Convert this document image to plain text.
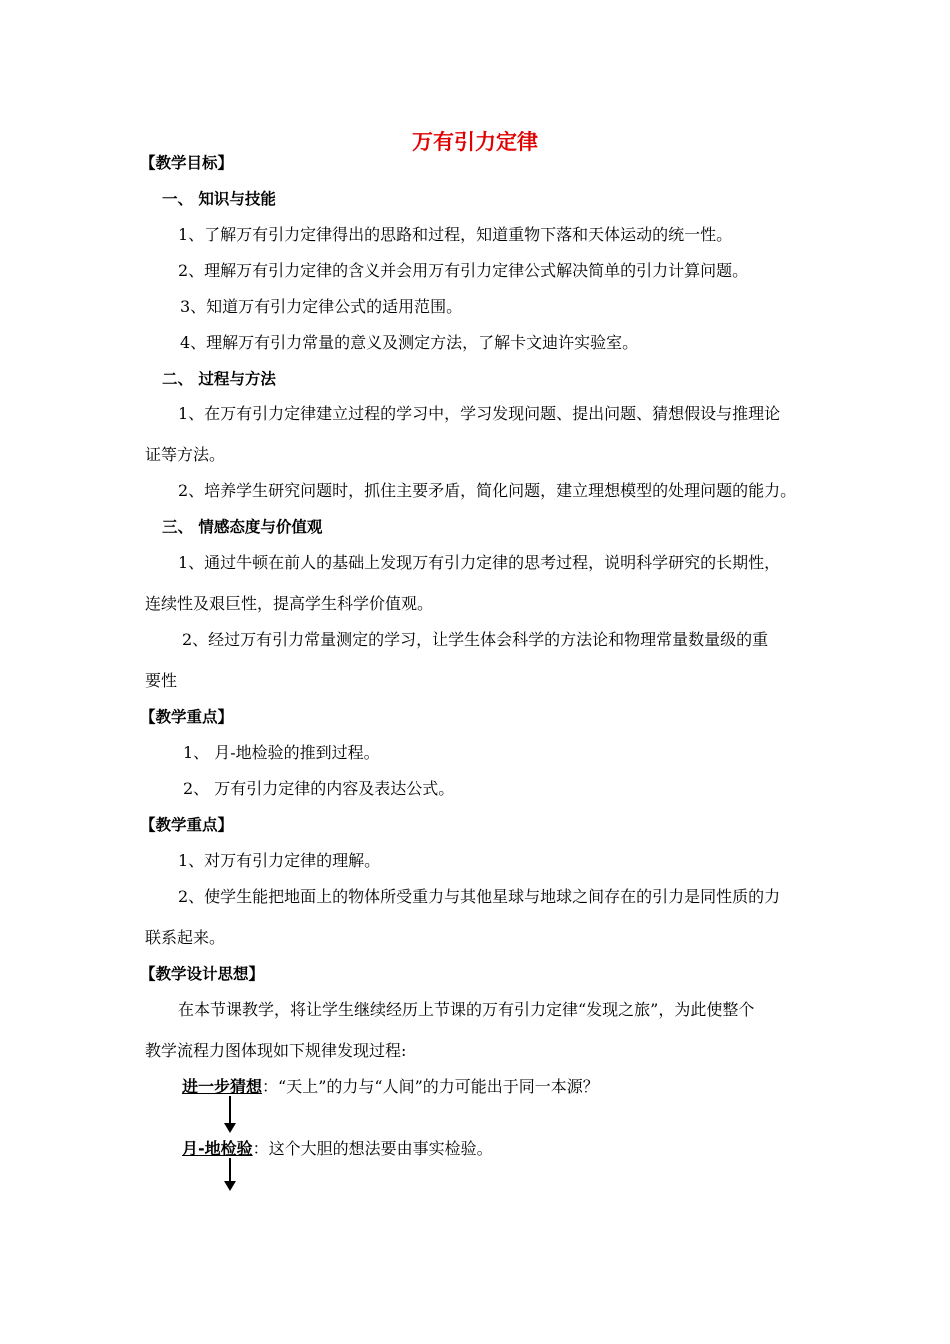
万有引力定律
【教学目标】
一、 知识与技能
1、了解万有引力定律得出的思路和过程，知道重物下落和天体运动的统一性。
2、理解万有引力定律的含义并会用万有引力定律公式解决简单的引力计算问题。
3、知道万有引力定律公式的适用范围。
4、理解万有引力常量的意义及测定方法，了解卡文迪许实验室。
二、 过程与方法
1、在万有引力定律建立过程的学习中，学习发现问题、提出问题、猜想假设与推理论
证等方法。
2、培养学生研究问题时，抓住主要矛盾，简化问题，建立理想模型的处理问题的能力。
三、 情感态度与价值观
1、通过牛顿在前人的基础上发现万有引力定律的思考过程，说明科学研究的长期性，
连续性及艰巨性，提高学生科学价值观。
2、经过万有引力常量测定的学习，让学生体会科学的方法论和物理常量数量级的重
要性
【教学重点】
1、 月-地检验的推到过程。
2、 万有引力定律的内容及表达公式。
【教学重点】
1、对万有引力定律的理解。
2、使学生能把地面上的物体所受重力与其他星球与地球之间存在的引力是同性质的力
联系起来。
【教学设计思想】
在本节课教学，将让学生继续经历上节课的万有引力定律“发现之旅”，为此使整个
教学流程力图体现如下规律发现过程:
进一步猜想：“天上”的力与“人间”的力可能出于同一本源？
月-地检验：这个大胆的想法要由事实检验。
